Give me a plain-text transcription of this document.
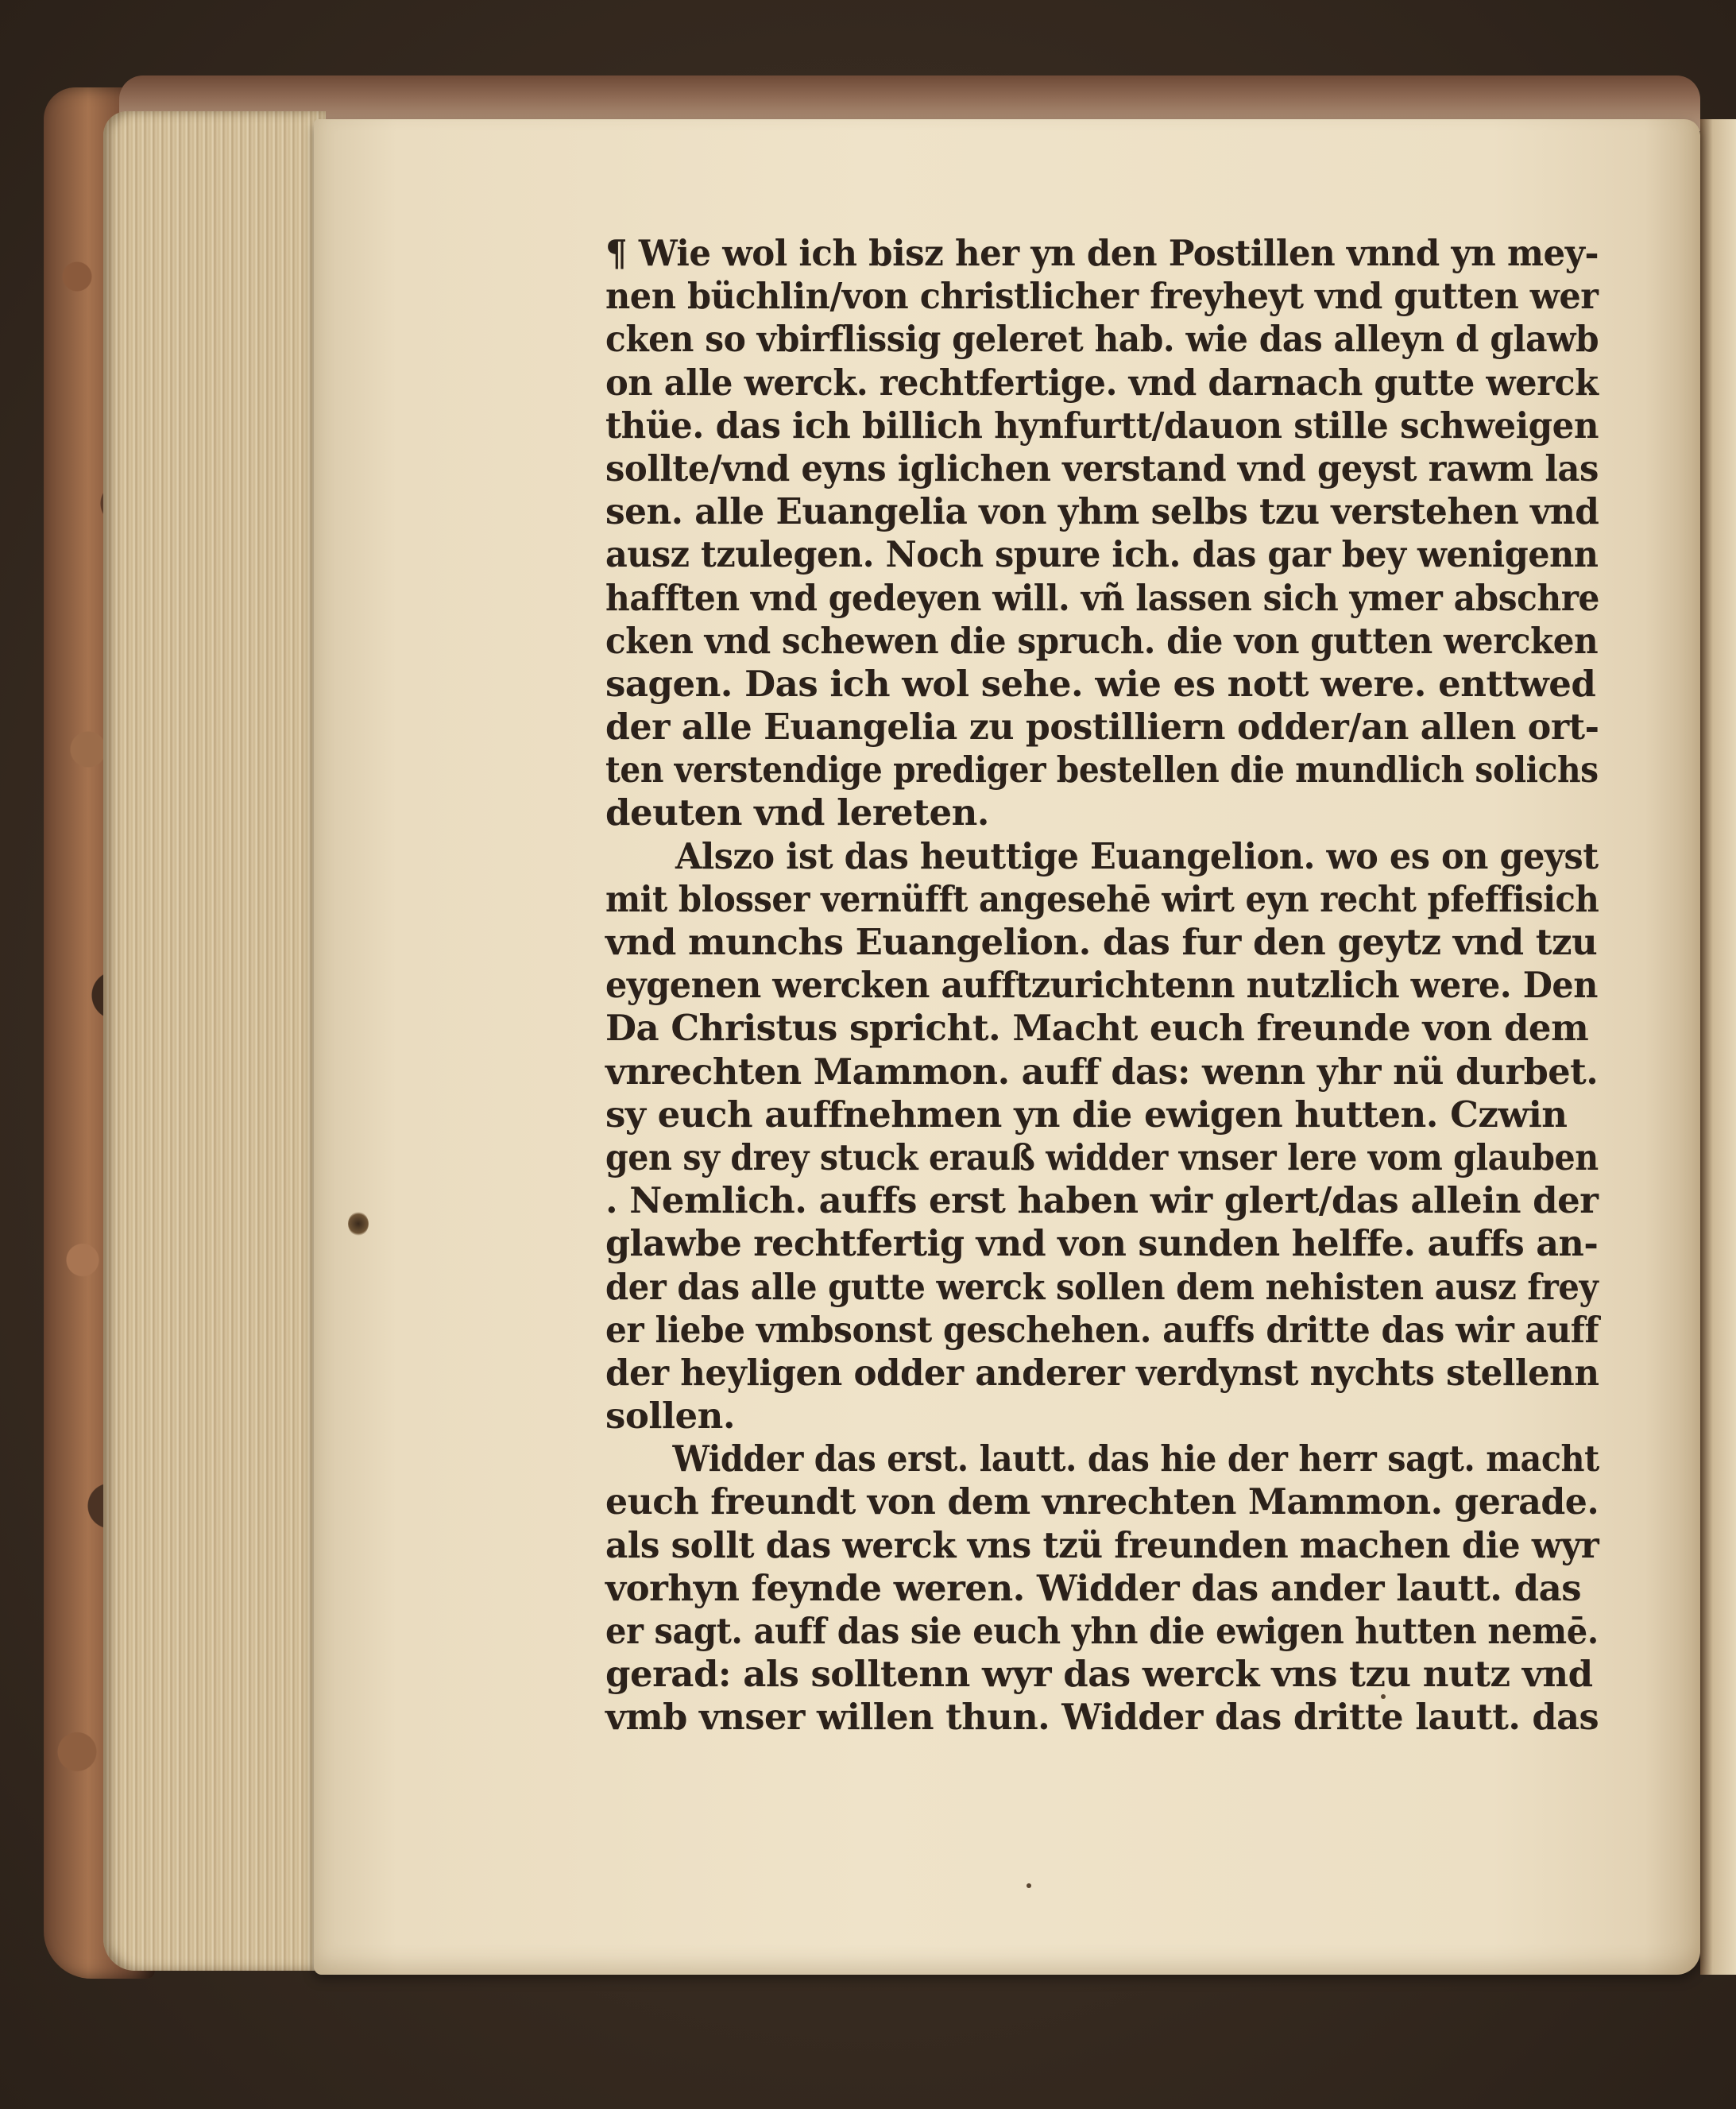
¶ Wie wol ich bisz her yn den Postillen vnnd yn mey-
nen büchlin/von christlicher freyheyt vnd gutten wer
cken so vbirflissig geleret hab. wie das alleyn d glawb
on alle werck. rechtfertige. vnd darnach gutte werck
thüe. das ich billich hynfurtt/dauon stille schweigen
sollte/vnd eyns iglichen verstand vnd geyst rawm las
sen. alle Euangelia von yhm selbs tzu verstehen vnd
ausz tzulegen. Noch spure ich. das gar bey wenigenn
hafften vnd gedeyen will. vñ lassen sich ymer abschre
cken vnd schewen die spruch. die von gutten wercken
sagen. Das ich wol sehe. wie es nott were. enttwed
der alle Euangelia zu postilliern odder/an allen ort-
ten verstendige prediger bestellen die mundlich solichs
deuten vnd lereten.
Alszo ist das heuttige Euangelion. wo es on geyst
mit blosser vernüfft angesehē wirt eyn recht pfeffisich
vnd munchs Euangelion. das fur den geytz vnd tzu
eygenen wercken aufftzurichtenn nutzlich were. Den
Da Christus spricht. Macht euch freunde von dem
vnrechten Mammon. auff das: wenn yhr nü durbet.
sy euch auffnehmen yn die ewigen hutten. Czwin
gen sy drey stuck erauß widder vnser lere vom glauben
. Nemlich. auffs erst haben wir glert/das allein der
glawbe rechtfertig vnd von sunden helffe. auffs an-
der das alle gutte werck sollen dem nehisten ausz frey
er liebe vmbsonst geschehen. auffs dritte das wir auff
der heyligen odder anderer verdynst nychts stellenn
sollen.
Widder das erst. lautt. das hie der herr sagt. macht
euch freundt von dem vnrechten Mammon. gerade.
als sollt das werck vns tzü freunden machen die wyr
vorhyn feynde weren. Widder das ander lautt. das
er sagt. auff das sie euch yhn die ewigen hutten nemē.
gerad: als solltenn wyr das werck vns tzu nutz vnd
vmb vnser willen thun. Widder das dritte lautt. das
